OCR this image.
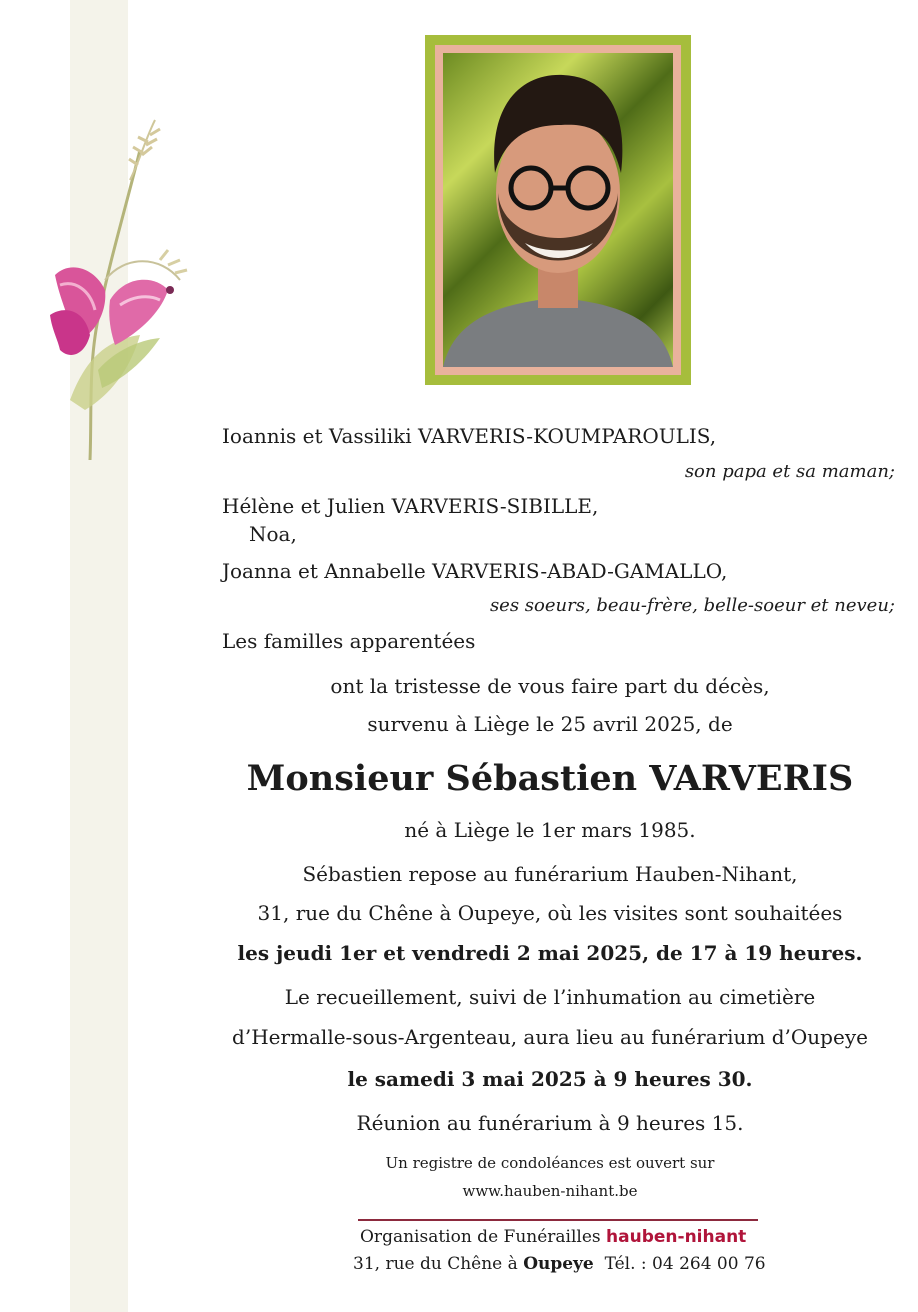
Ioannis et Vassiliki VARVERIS-KOUMPAROULIS,
son papa et sa maman;
Hélène et Julien VARVERIS-SIBILLE,
Noa,
Joanna et Annabelle VARVERIS-ABAD-GAMALLO,
ses soeurs, beau-frère, belle-soeur et neveu;
Les familles apparentées
ont la tristesse de vous faire part du décès,
survenu à Liège le 25 avril 2025, de
Monsieur Sébastien VARVERIS
né à Liège le 1er mars 1985.
Sébastien repose au funérarium Hauben-Nihant,
31, rue du Chêne à Oupeye, où les visites sont souhaitées
les jeudi 1er et vendredi 2 mai 2025, de 17 à 19 heures.
Le recueillement, suivi de l’inhumation au cimetière
d’Hermalle-sous-Argenteau, aura lieu au funérarium d’Oupeye
le samedi 3 mai 2025 à 9 heures 30.
Réunion au funérarium à 9 heures 15.
Un registre de condoléances est ouvert sur
www.hauben-nihant.be
Organisation de Funérailles hauben-nihant
31, rue du Chêne à Oupeye Tél. : 04 264 00 76
